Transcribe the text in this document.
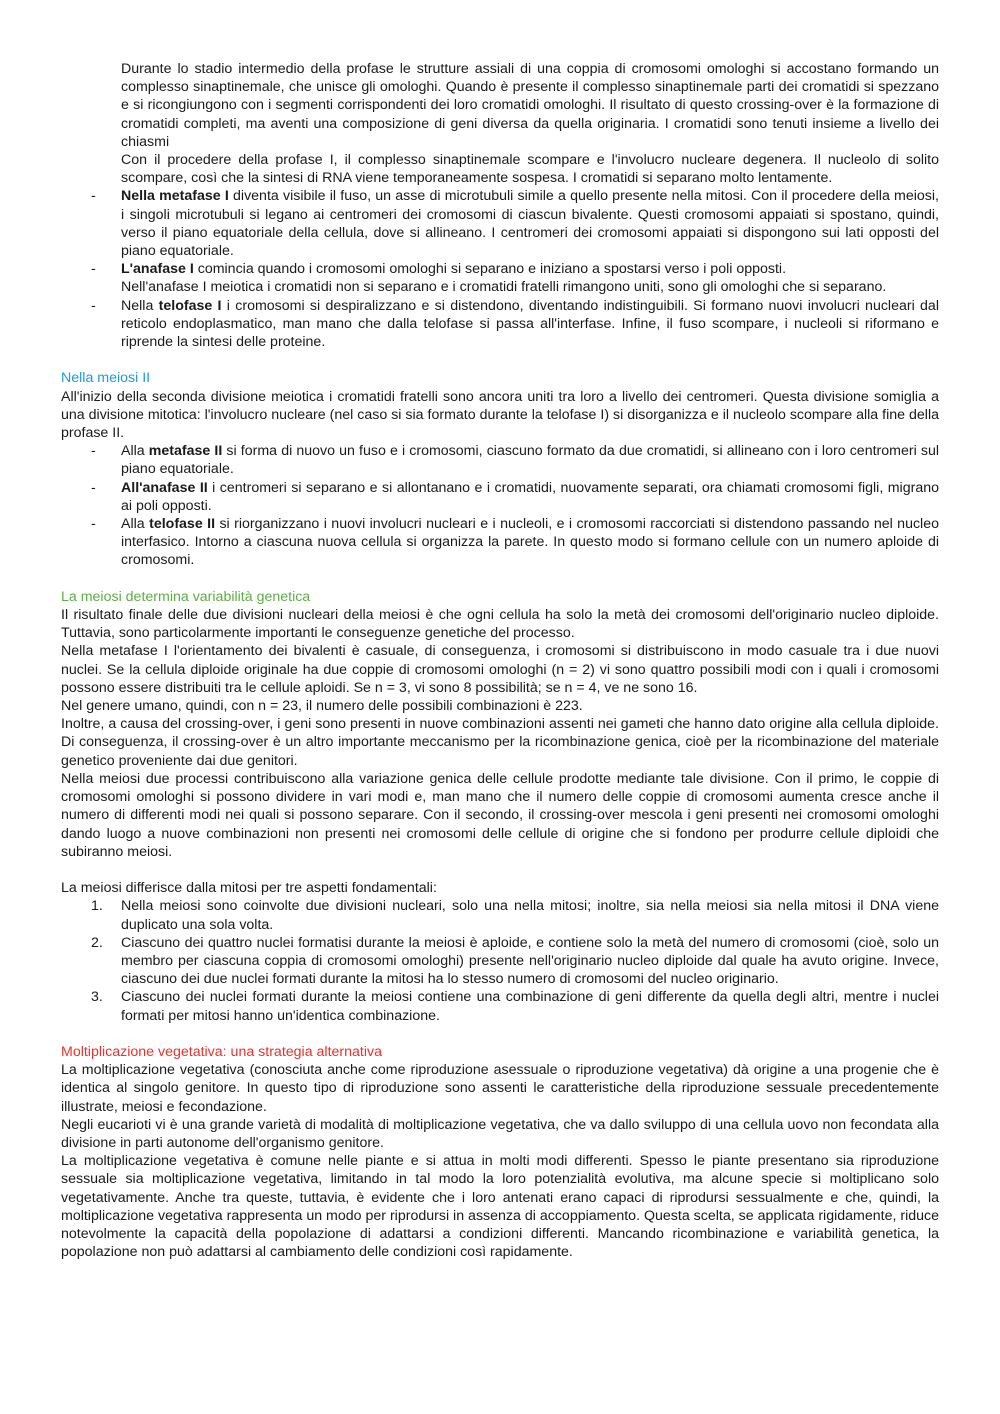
Durante lo stadio intermedio della profase le strutture assiali di una coppia di cromosomi omologhi si accostano formando un complesso sinaptinemale, che unisce gli omologhi. Quando è presente il complesso sinaptinemale parti dei cromatidi si spezzano e si ricongiungono con i segmenti corrispondenti dei loro cromatidi omologhi. Il risultato di questo crossing-over è la formazione di cromatidi completi, ma aventi una composizione di geni diversa da quella originaria. I cromatidi sono tenuti insieme a livello dei chiasmi

Con il procedere della profase I, il complesso sinaptinemale scompare e l'involucro nucleare degenera. Il nucleolo di solito scompare, così che la sintesi di RNA viene temporaneamente sospesa. I cromatidi si separano molto lentamente.

- Nella metafase I diventa visibile il fuso, un asse di microtubuli simile a quello presente nella mitosi. Con il procedere della meiosi, i singoli microtubuli si legano ai centromeri dei cromosomi di ciascun bivalente. Questi cromosomi appaiati si spostano, quindi, verso il piano equatoriale della cellula, dove si allineano. I centromeri dei cromosomi appaiati si dispongono sui lati opposti del piano equatoriale.
- L'anafase I comincia quando i cromosomi omologhi si separano e iniziano a spostarsi verso i poli opposti.
Nell'anafase I meiotica i cromatidi non si separano e i cromatidi fratelli rimangono uniti, sono gli omologhi che si separano.
- Nella telofase I i cromosomi si despiralizzano e si distendono, diventando indistinguibili. Si formano nuovi involucri nucleari dal reticolo endoplasmatico, man mano che dalla telofase si passa all'interfase. Infine, il fuso scompare, i nucleoli si riformano e riprende la sintesi delle proteine.

Nella meiosi II

All'inizio della seconda divisione meiotica i cromatidi fratelli sono ancora uniti tra loro a livello dei centromeri. Questa divisione somiglia a una divisione mitotica: l'involucro nucleare (nel caso si sia formato durante la telofase I) si disorganizza e il nucleolo scompare alla fine della profase II.

- Alla metafase II si forma di nuovo un fuso e i cromosomi, ciascuno formato da due cromatidi, si allineano con i loro centromeri sul piano equatoriale.
- All'anafase II i centromeri si separano e si allontanano e i cromatidi, nuovamente separati, ora chiamati cromosomi figli, migrano ai poli opposti.
- Alla telofase II si riorganizzano i nuovi involucri nucleari e i nucleoli, e i cromosomi raccorciati si distendono passando nel nucleo interfasico. Intorno a ciascuna nuova cellula si organizza la parete. In questo modo si formano cellule con un numero aploide di cromosomi.

La meiosi determina variabilità genetica

Il risultato finale delle due divisioni nucleari della meiosi è che ogni cellula ha solo la metà dei cromosomi dell'originario nucleo diploide. Tuttavia, sono particolarmente importanti le conseguenze genetiche del processo.

Nella metafase I l'orientamento dei bivalenti è casuale, di conseguenza, i cromosomi si distribuiscono in modo casuale tra i due nuovi nuclei. Se la cellula diploide originale ha due coppie di cromosomi omologhi (n = 2) vi sono quattro possibili modi con i quali i cromosomi possono essere distribuiti tra le cellule aploidi. Se n = 3, vi sono 8 possibilità; se n = 4, ve ne sono 16.

Nel genere umano, quindi, con n = 23, il numero delle possibili combinazioni è 223.

Inoltre, a causa del crossing-over, i geni sono presenti in nuove combinazioni assenti nei gameti che hanno dato origine alla cellula diploide. Di conseguenza, il crossing-over è un altro importante meccanismo per la ricombinazione genica, cioè per la ricombinazione del materiale genetico proveniente dai due genitori.

Nella meiosi due processi contribuiscono alla variazione genica delle cellule prodotte mediante tale divisione. Con il primo, le coppie di cromosomi omologhi si possono dividere in vari modi e, man mano che il numero delle coppie di cromosomi aumenta cresce anche il numero di differenti modi nei quali si possono separare. Con il secondo, il crossing-over mescola i geni presenti nei cromosomi omologhi dando luogo a nuove combinazioni non presenti nei cromosomi delle cellule di origine che si fondono per produrre cellule diploidi che subiranno meiosi.

La meiosi differisce dalla mitosi per tre aspetti fondamentali:

1. Nella meiosi sono coinvolte due divisioni nucleari, solo una nella mitosi; inoltre, sia nella meiosi sia nella mitosi il DNA viene duplicato una sola volta.
2. Ciascuno dei quattro nuclei formatisi durante la meiosi è aploide, e contiene solo la metà del numero di cromosomi (cioè, solo un membro per ciascuna coppia di cromosomi omologhi) presente nell'originario nucleo diploide dal quale ha avuto origine. Invece, ciascuno dei due nuclei formati durante la mitosi ha lo stesso numero di cromosomi del nucleo originario.
3. Ciascuno dei nuclei formati durante la meiosi contiene una combinazione di geni differente da quella degli altri, mentre i nuclei formati per mitosi hanno un'identica combinazione.

Moltiplicazione vegetativa: una strategia alternativa

La moltiplicazione vegetativa (conosciuta anche come riproduzione asessuale o riproduzione vegetativa) dà origine a una progenie che è identica al singolo genitore. In questo tipo di riproduzione sono assenti le caratteristiche della riproduzione sessuale precedentemente illustrate, meiosi e fecondazione.

Negli eucarioti vi è una grande varietà di modalità di moltiplicazione vegetativa, che va dallo sviluppo di una cellula uovo non fecondata alla divisione in parti autonome dell'organismo genitore.

La moltiplicazione vegetativa è comune nelle piante e si attua in molti modi differenti. Spesso le piante presentano sia riproduzione sessuale sia moltiplicazione vegetativa, limitando in tal modo la loro potenzialità evolutiva, ma alcune specie si moltiplicano solo vegetativamente. Anche tra queste, tuttavia, è evidente che i loro antenati erano capaci di riprodursi sessualmente e che, quindi, la moltiplicazione vegetativa rappresenta un modo per riprodursi in assenza di accoppiamento. Questa scelta, se applicata rigidamente, riduce notevolmente la capacità della popolazione di adattarsi a condizioni differenti. Mancando ricombinazione e variabilità genetica, la popolazione non può adattarsi al cambiamento delle condizioni così rapidamente.
